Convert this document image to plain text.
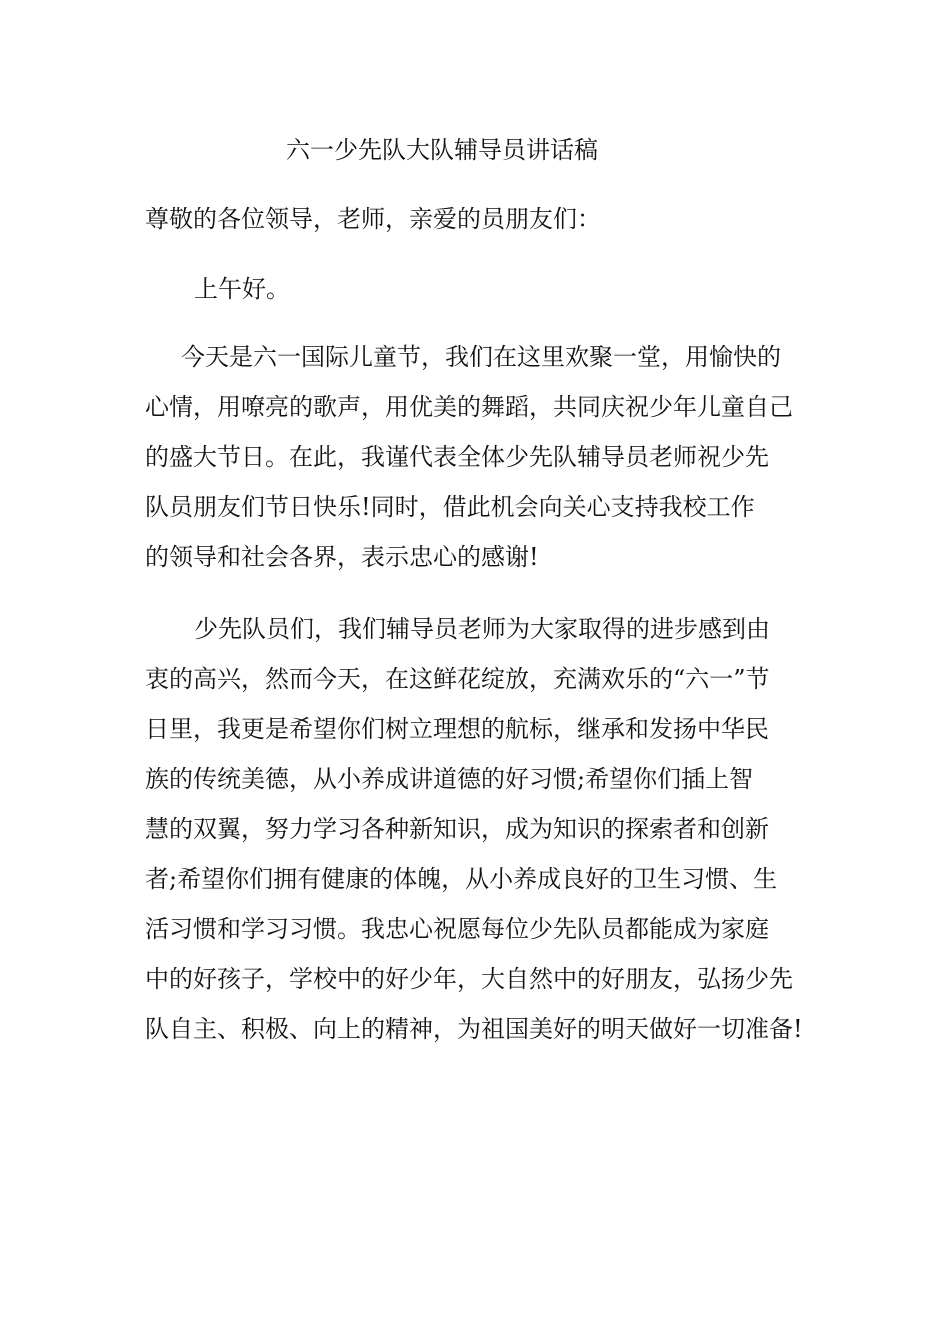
六一少先队大队辅导员讲话稿
尊敬的各位领导，老师，亲爱的员朋友们：
上午好。
今天是六一国际儿童节，我们在这里欢聚一堂，用愉快的
心情，用嘹亮的歌声，用优美的舞蹈，共同庆祝少年儿童自己
的盛大节日。在此，我谨代表全体少先队辅导员老师祝少先
队员朋友们节日快乐!同时，借此机会向关心支持我校工作
的领导和社会各界，表示忠心的感谢!
少先队员们，我们辅导员老师为大家取得的进步感到由
衷的高兴，然而今天，在这鲜花绽放，充满欢乐的“六一”节
日里，我更是希望你们树立理想的航标，继承和发扬中华民
族的传统美德，从小养成讲道德的好习惯;希望你们插上智
慧的双翼，努力学习各种新知识，成为知识的探索者和创新
者;希望你们拥有健康的体魄，从小养成良好的卫生习惯、生
活习惯和学习习惯。我忠心祝愿每位少先队员都能成为家庭
中的好孩子，学校中的好少年，大自然中的好朋友，弘扬少先
队自主、积极、向上的精神，为祖国美好的明天做好一切准备!
